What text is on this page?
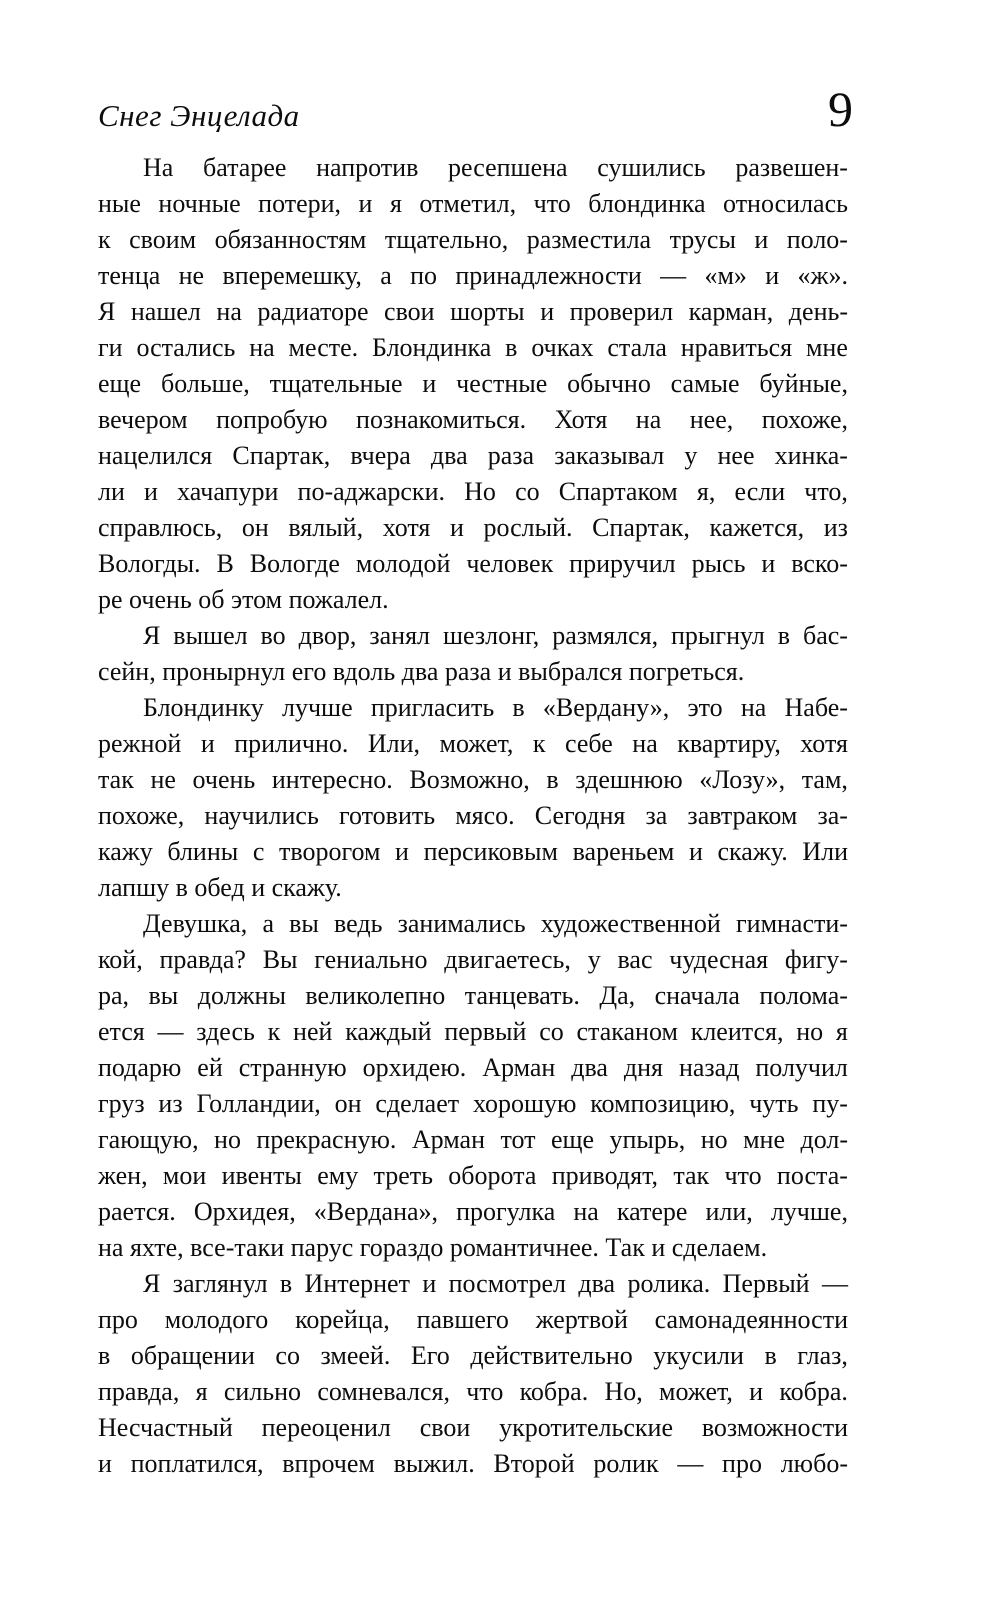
Снег Энцелада	9
На батарее напротив ресепшена сушились развешен-
ные ночные потери, и я отметил, что блондинка относилась
к своим обязанностям тщательно, разместила трусы и поло-
тенца не вперемешку, а по принадлежности — «м» и «ж».
Я нашел на радиаторе свои шорты и проверил карман, день-
ги остались на месте. Блондинка в очках стала нравиться мне
еще больше, тщательные и честные обычно самые буйные,
вечером попробую познакомиться. Хотя на нее, похоже,
нацелился Спартак, вчера два раза заказывал у нее хинка-
ли и хачапури по-аджарски. Но со Спартаком я, если что,
справлюсь, он вялый, хотя и рослый. Спартак, кажется, из
Вологды. В Вологде молодой человек приручил рысь и вско-
ре очень об этом пожалел.
Я вышел во двор, занял шезлонг, размялся, прыгнул в бас-
сейн, пронырнул его вдоль два раза и выбрался погреться.
Блондинку лучше пригласить в «Вердану», это на Набе-
режной и прилично. Или, может, к себе на квартиру, хотя
так не очень интересно. Возможно, в здешнюю «Лозу», там,
похоже, научились готовить мясо. Сегодня за завтраком за-
кажу блины с творогом и персиковым вареньем и скажу. Или
лапшу в обед и скажу.
Девушка, а вы ведь занимались художественной гимнасти-
кой, правда? Вы гениально двигаетесь, у вас чудесная фигу-
ра, вы должны великолепно танцевать. Да, сначала полома-
ется — здесь к ней каждый первый со стаканом клеится, но я
подарю ей странную орхидею. Арман два дня назад получил
груз из Голландии, он сделает хорошую композицию, чуть пу-
гающую, но прекрасную. Арман тот еще упырь, но мне дол-
жен, мои ивенты ему треть оборота приводят, так что поста-
рается. Орхидея, «Вердана», прогулка на катере или, лучше,
на яхте, все-таки парус гораздо романтичнее. Так и сделаем.
Я заглянул в Интернет и посмотрел два ролика. Первый —
про молодого корейца, павшего жертвой самонадеянности
в обращении со змеей. Его действительно укусили в глаз,
правда, я сильно сомневался, что кобра. Но, может, и кобра.
Несчастный переоценил свои укротительские возможности
и поплатился, впрочем выжил. Второй ролик — про любо-
